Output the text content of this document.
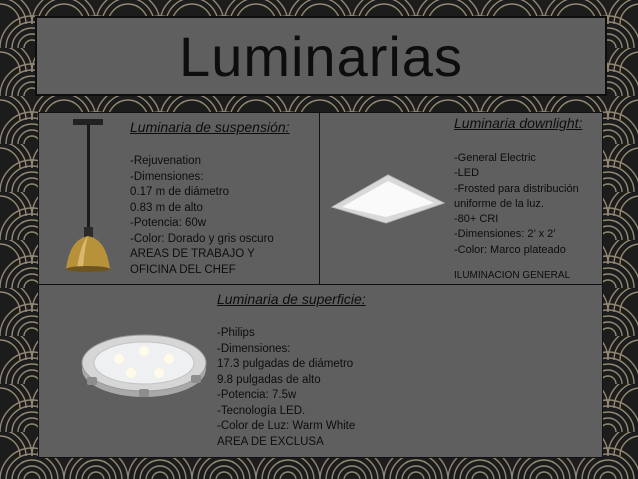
Luminarias
Luminaria de suspensión:
-Rejuvenation
-Dimensiones:
0.17 m de diámetro
0.83 m de alto
-Potencia: 60w
-Color: Dorado y gris oscuro
AREAS DE TRABAJO Y
OFICINA DEL CHEF
Luminaria downlight:
-General Electric
-LED
-Frosted para distribución
uniforme de la luz.
-80+ CRI
-Dimensiones: 2’ x 2’
-Color: Marco plateado
ILUMINACION GENERAL
Luminaria de superficie:
-Philips
-Dimensiones:
17.3 pulgadas de diámetro
9.8 pulgadas de alto
-Potencia: 7.5w
-Tecnología LED.
-Color de Luz: Warm White
AREA DE EXCLUSA
